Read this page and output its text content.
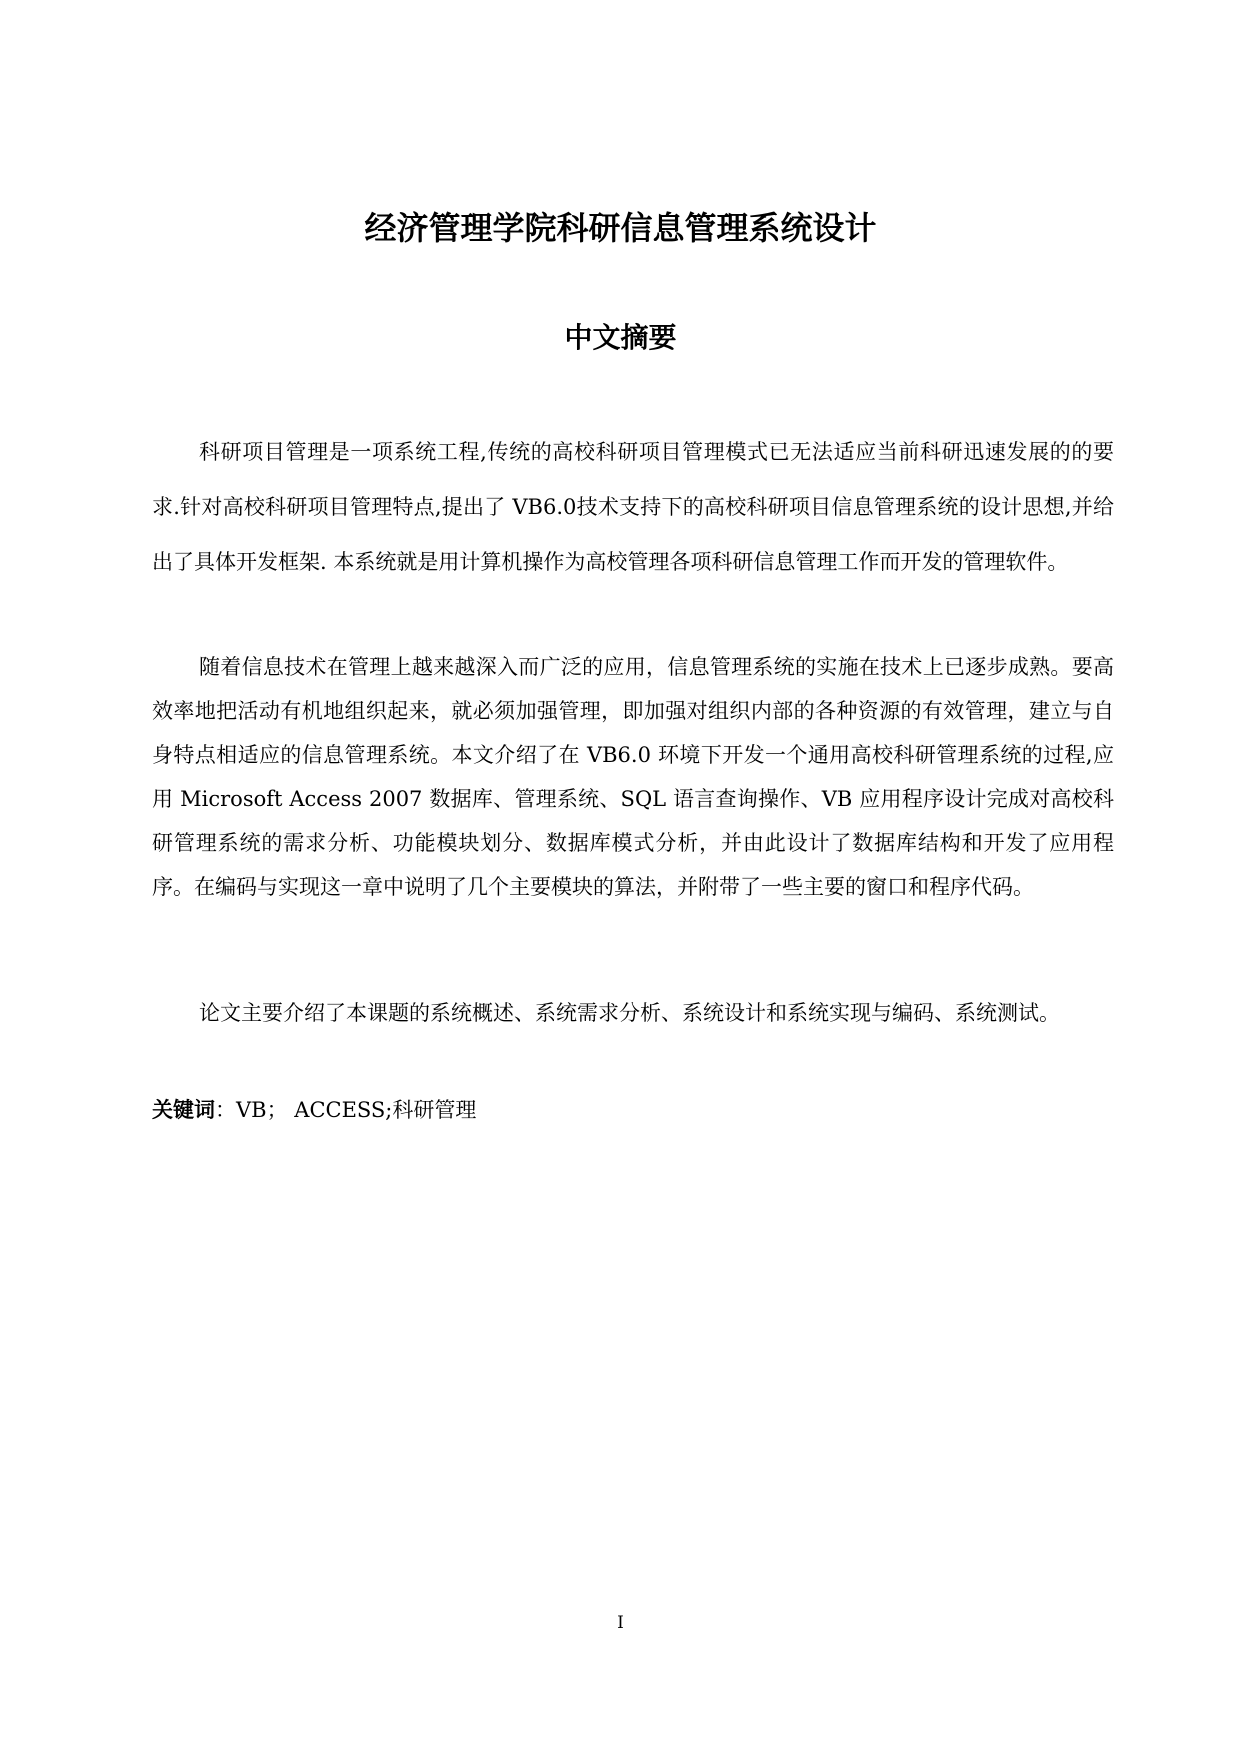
经济管理学院科研信息管理系统设计
中文摘要

科研项目管理是一项系统工程,传统的高校科研项目管理模式已无法适应当前科研迅速发展的的要求.针对高校科研项目管理特点,提出了 VB6.0技术支持下的高校科研项目信息管理系统的设计思想,并给出了具体开发框架. 本系统就是用计算机操作为高校管理各项科研信息管理工作而开发的管理软件。

随着信息技术在管理上越来越深入而广泛的应用，信息管理系统的实施在技术上已逐步成熟。要高效率地把活动有机地组织起来，就必须加强管理，即加强对组织内部的各种资源的有效管理，建立与自身特点相适应的信息管理系统。本文介绍了在 VB6.0 环境下开发一个通用高校科研管理系统的过程,应用 Microsoft Access 2007 数据库、管理系统、SQL 语言查询操作、VB 应用程序设计完成对高校科研管理系统的需求分析、功能模块划分、数据库模式分析，并由此设计了数据库结构和开发了应用程序。在编码与实现这一章中说明了几个主要模块的算法，并附带了一些主要的窗口和程序代码。

论文主要介绍了本课题的系统概述、系统需求分析、系统设计和系统实现与编码、系统测试。

关键词：VB； ACCESS;科研管理
I
